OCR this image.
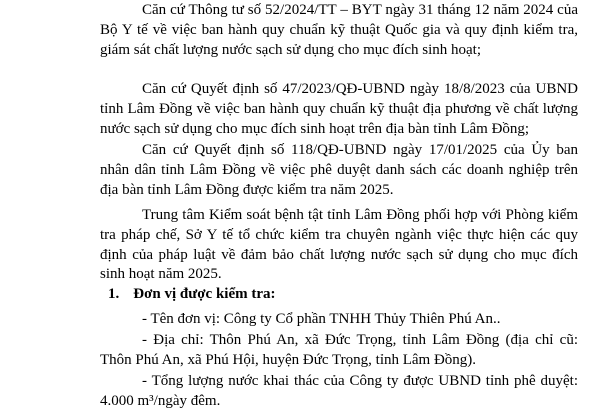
Căn cứ Thông tư số 52/2024/TT – BYT ngày 31 tháng 12 năm 2024 của Bộ Y tế về việc ban hành quy chuẩn kỹ thuật Quốc gia và quy định kiểm tra, giám sát chất lượng nước sạch sử dụng cho mục đích sinh hoạt;

Căn cứ Quyết định số 47/2023/QĐ-UBND ngày 18/8/2023 của UBND tỉnh Lâm Đồng về việc ban hành quy chuẩn kỹ thuật địa phương về chất lượng nước sạch sử dụng cho mục đích sinh hoạt trên địa bàn tỉnh Lâm Đồng;

Căn cứ Quyết định số 118/QĐ-UBND ngày 17/01/2025 của Ủy ban nhân dân tỉnh Lâm Đồng về việc phê duyệt danh sách các doanh nghiệp trên địa bàn tỉnh Lâm Đồng được kiểm tra năm 2025.

Trung tâm Kiểm soát bệnh tật tỉnh Lâm Đồng phối hợp với Phòng kiểm tra pháp chế, Sở Y tế tổ chức kiểm tra chuyên ngành việc thực hiện các quy định của pháp luật về đảm bảo chất lượng nước sạch sử dụng cho mục đích sinh hoạt năm 2025.

1. Đơn vị được kiểm tra:

- Tên đơn vị: Công ty Cổ phần TNHH Thủy Thiên Phú An..

- Địa chỉ: Thôn Phú An, xã Đức Trọng, tỉnh Lâm Đồng (địa chỉ cũ: Thôn Phú An, xã Phú Hội, huyện Đức Trọng, tỉnh Lâm Đồng).

- Tổng lượng nước khai thác của Công ty được UBND tỉnh phê duyệt: 4.000 m³/ngày đêm.
